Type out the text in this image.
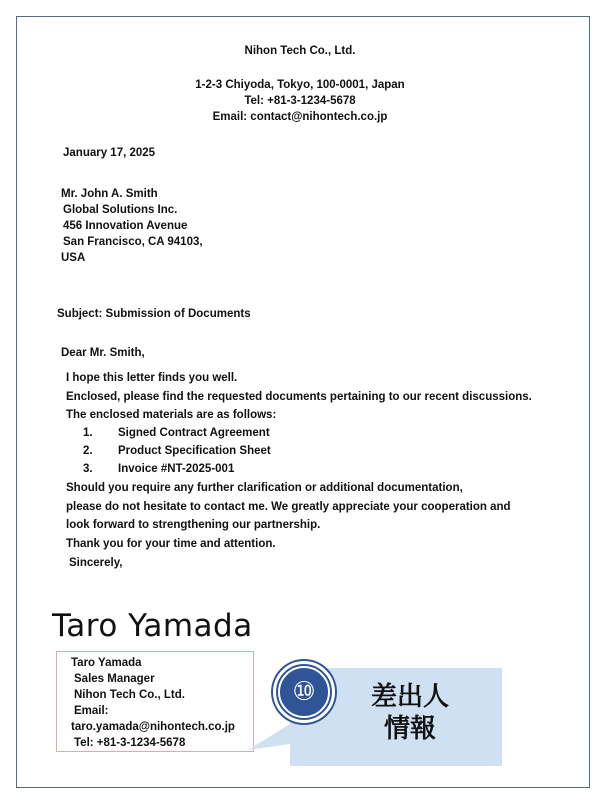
Nihon Tech Co., Ltd.
1-2-3 Chiyoda, Tokyo, 100-0001, Japan
Tel: +81-3-1234-5678
Email: contact@nihontech.co.jp
January 17, 2025
Mr. John A. Smith
Global Solutions Inc.
456 Innovation Avenue
San Francisco, CA 94103,
USA
Subject: Submission of Documents
Dear Mr. Smith,
I hope this letter finds you well.
Enclosed, please find the requested documents pertaining to our recent discussions.
The enclosed materials are as follows:
1. Signed Contract Agreement
2. Product Specification Sheet
3. Invoice #NT-2025-001
Should you require any further clarification or additional documentation,
please do not hesitate to contact me. We greatly appreciate your cooperation and
look forward to strengthening our partnership.
Thank you for your time and attention.
Sincerely,
Taro Yamada
Taro Yamada
Sales Manager
Nihon Tech Co., Ltd.
Email:
taro.yamada@nihontech.co.jp
Tel: +81-3-1234-5678
⑩	差出人
情報
